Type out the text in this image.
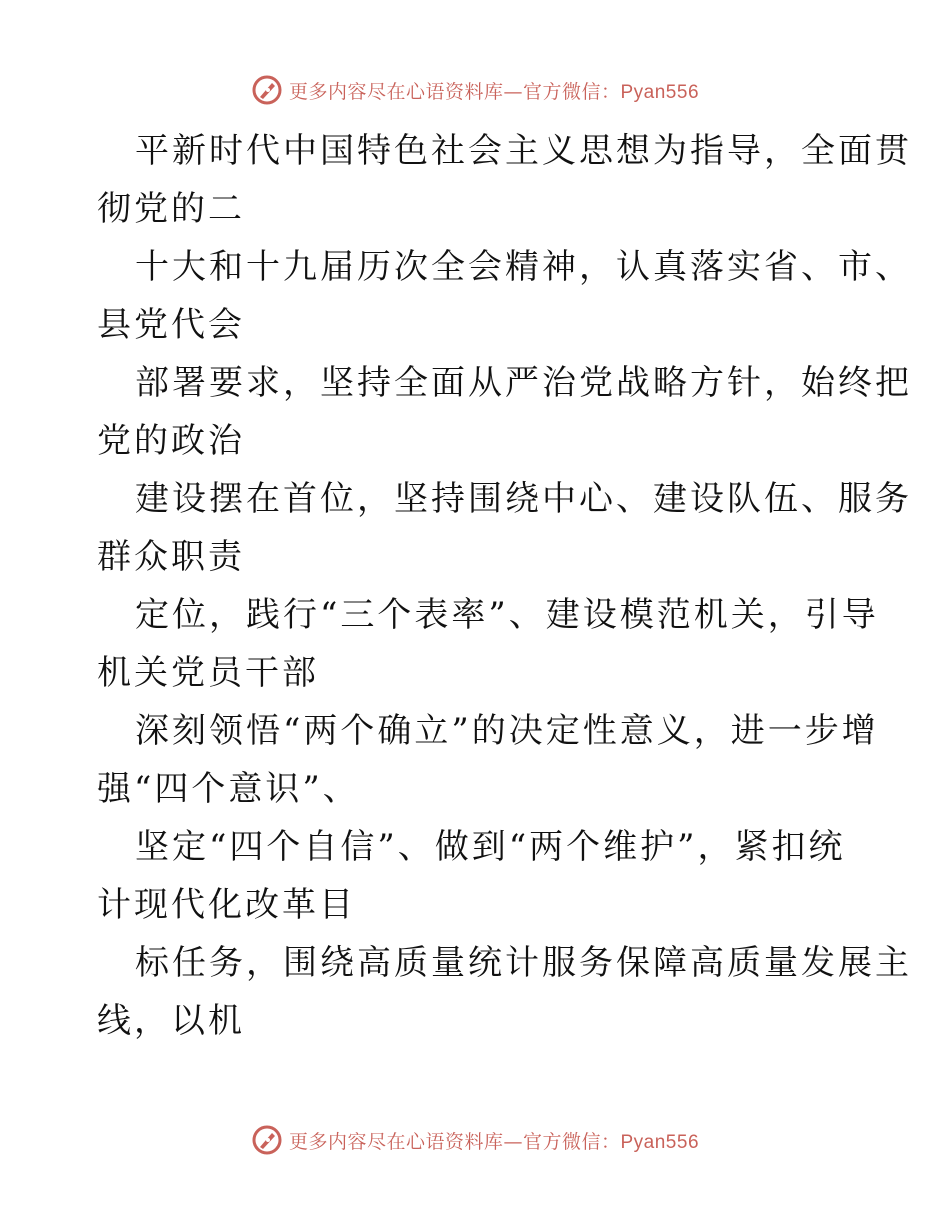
更多内容尽在心语资料库—官方微信：Pyan556
平新时代中国特色社会主义思想为指导，全面贯
彻党的二
十大和十九届历次全会精神，认真落实省、市、
县党代会
部署要求，坚持全面从严治党战略方针，始终把
党的政治
建设摆在首位，坚持围绕中心、建设队伍、服务
群众职责
定位，践行“三个表率”、建设模范机关，引导
机关党员干部
深刻领悟“两个确立”的决定性意义，进一步增
强“四个意识”、
坚定“四个自信”、做到“两个维护”，紧扣统
计现代化改革目
标任务，围绕高质量统计服务保障高质量发展主
线，以机
更多内容尽在心语资料库—官方微信：Pyan556
